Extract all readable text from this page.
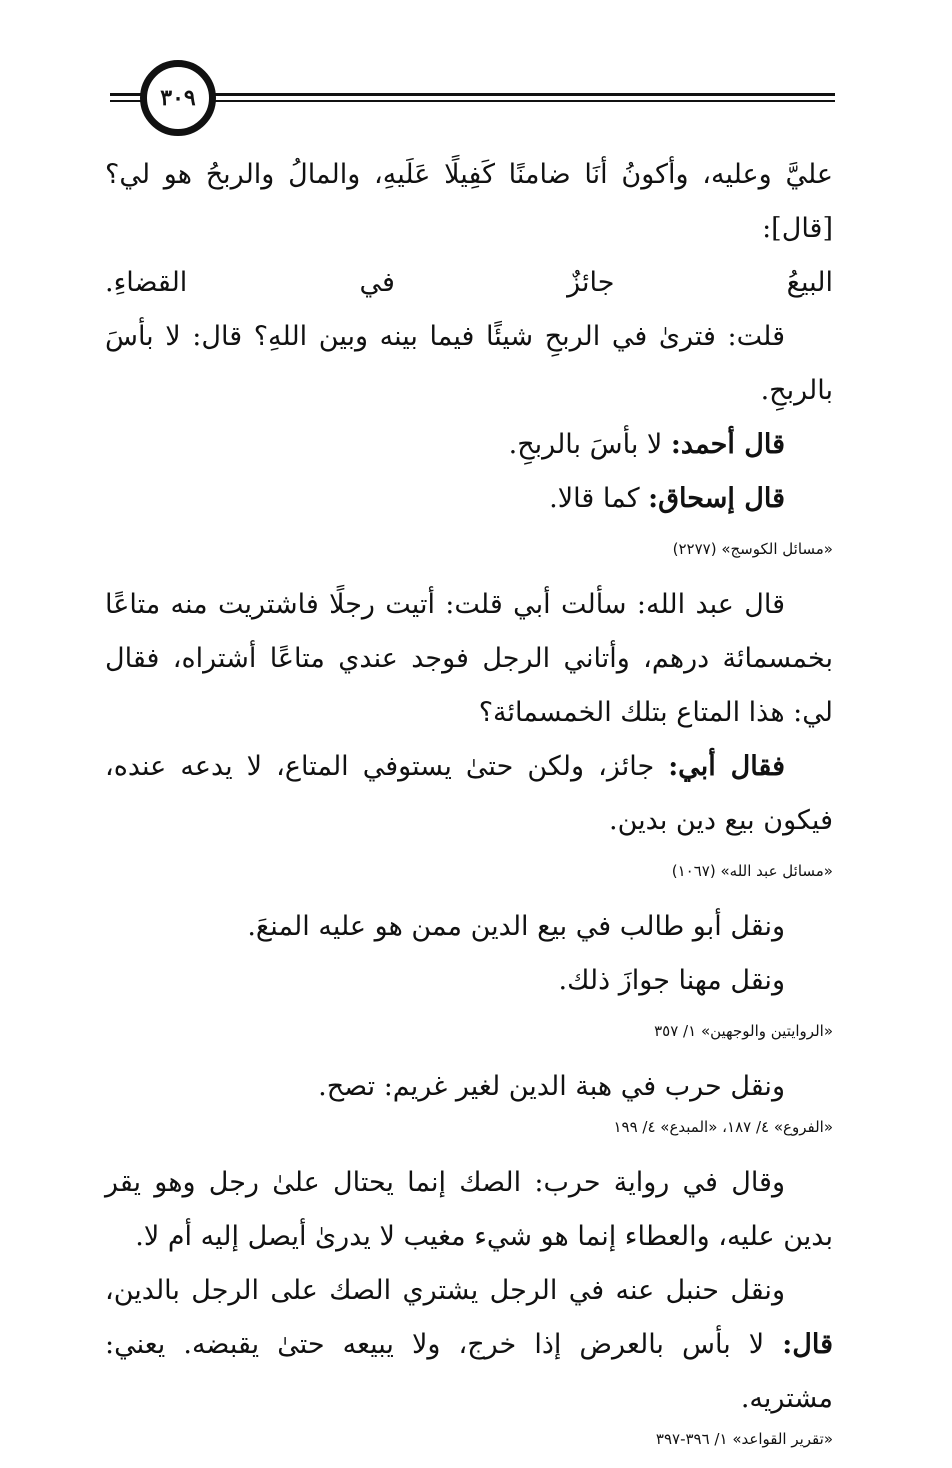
٣٠٩

عليَّ وعليه، وأكونُ أنَا ضامنًا كَفِيلًا عَلَيهِ، والمالُ والربحُ هو لي؟ [قال]:
البيعُ جائزٌ في القضاءِ.

قلت: فترىٰ في الربحِ شيئًا فيما بينه وبين اللهِ؟ قال: لا بأسَ بالربحِ.

قال أحمد: لا بأسَ بالربحِ.

قال إسحاق: كما قالا.

«مسائل الكوسج» (٢٢٧٧)

قال عبد الله: سألت أبي قلت: أتيت رجلًا فاشتريت منه متاعًا بخمسمائة درهم، وأتاني الرجل فوجد عندي متاعًا أشتراه، فقال لي: هذا المتاع بتلك الخمسمائة؟

فقال أبي: جائز، ولكن حتىٰ يستوفي المتاع، لا يدعه عنده، فيكون بيع دين بدين.

«مسائل عبد الله» (١٠٦٧)

ونقل أبو طالب في بيع الدين ممن هو عليه المنعَ.

ونقل مهنا جوازَ ذلك.

«الروايتين والوجهين» ١/ ٣٥٧

ونقل حرب في هبة الدين لغير غريم: تصح.

«الفروع» ٤/ ١٨٧، «المبدع» ٤/ ١٩٩

وقال في رواية حرب: الصك إنما يحتال علىٰ رجل وهو يقر بدين عليه، والعطاء إنما هو شيء مغيب لا يدرىٰ أيصل إليه أم لا.

ونقل حنبل عنه في الرجل يشتري الصك على الرجل بالدين، قال: لا بأس بالعرض إذا خرج، ولا يبيعه حتىٰ يقبضه. يعني: مشتريه.

«تقرير القواعد» ١/ ٣٩٦-٣٩٧
